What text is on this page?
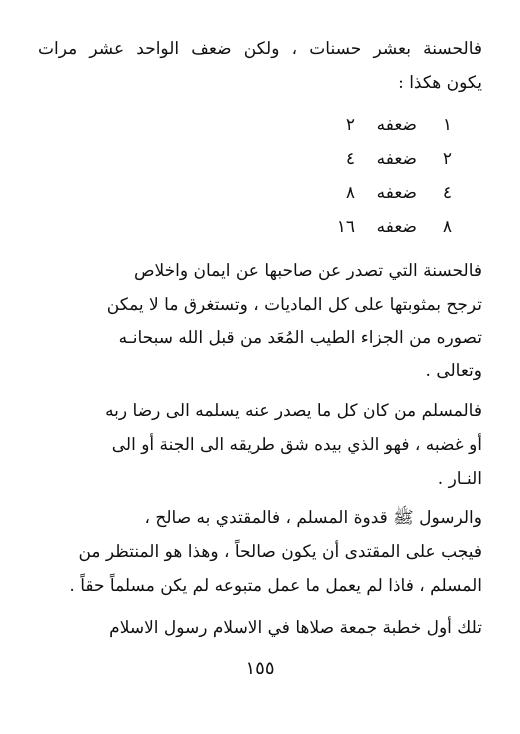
فالحسنة بعشر حسنات ، ولكن ضعف الواحد عشر مرات
يكون هكذا :
١
ضعفه
٢
٢
ضعفه
٤
٤
ضعفه
٨
٨
ضعفه
١٦
فالحسنة التي تصدر عن صاحبها عن ايمان واخلاص
ترجح بمثوبتها على كل الماديات ، وتستغرق ما لا يمكن
تصوره من الجزاء الطيب المُعَد من قبل الله سبحانـه
وتعالى .
فالمسلم من كان كل ما يصدر عنه يسلمه الى رضا ربه
أو غضبه ، فهو الذي بيده شق طريقه الى الجنة أو الى
النـار .
والرسول ﷺ قدوة المسلم ، فالمقتدي به صالح ،
فيجب على المقتدى أن يكون صالحاً ، وهذا هو المنتظر من
المسلم ، فاذا لم يعمل ما عمل متبوعه لم يكن مسلماً حقاً .
تلك أول خطبة جمعة صلاها في الاسلام رسول الاسلام
١٥٥
